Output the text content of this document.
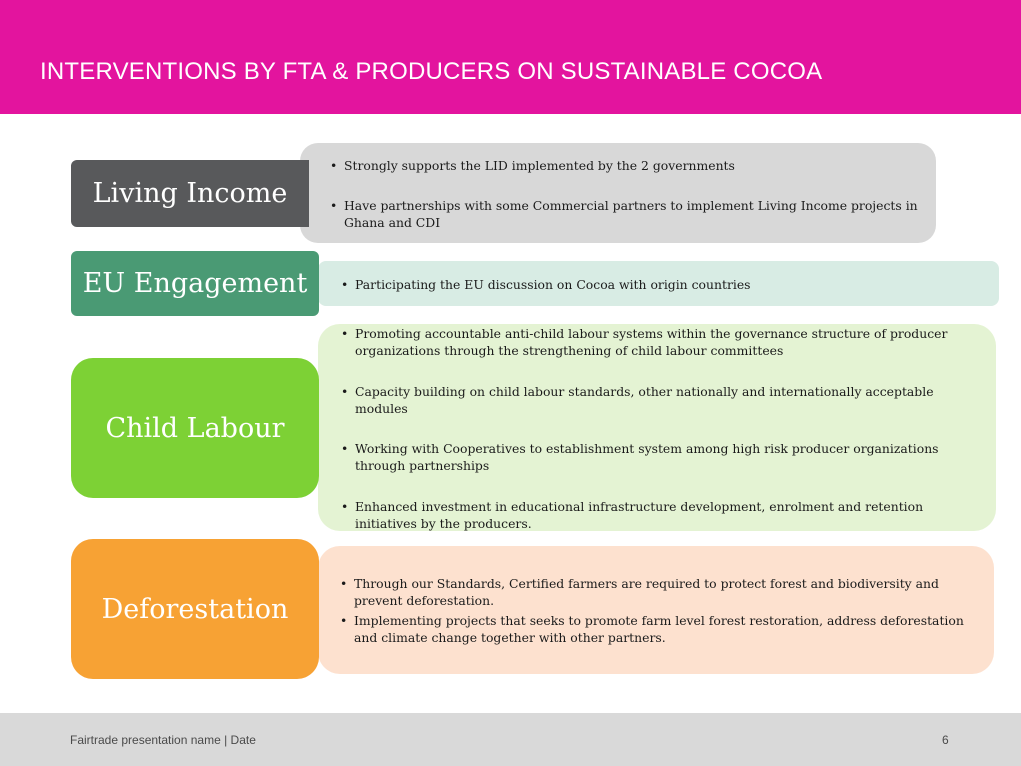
INTERVENTIONS BY FTA & PRODUCERS ON SUSTAINABLE COCOA
Living Income
• Strongly supports the LID implemented by the 2 governments
• Have partnerships with some Commercial partners to implement Living Income projects in Ghana and CDI
EU Engagement
•	Participating the EU discussion on Cocoa with origin countries
Child Labour
• Promoting accountable anti-child labour systems within the governance structure of producer organizations through the strengthening of child labour committees
• Capacity building on child labour standards, other nationally and internationally acceptable modules
• Working with Cooperatives to establishment system among high risk producer organizations through partnerships
• Enhanced investment in educational infrastructure development, enrolment and retention initiatives by the producers.
Deforestation
• Through our Standards, Certified farmers are required to protect forest and biodiversity and prevent deforestation.
• Implementing projects that seeks to promote farm level forest restoration, address deforestation and climate change together with other partners.
Fairtrade presentation name | Date	6
